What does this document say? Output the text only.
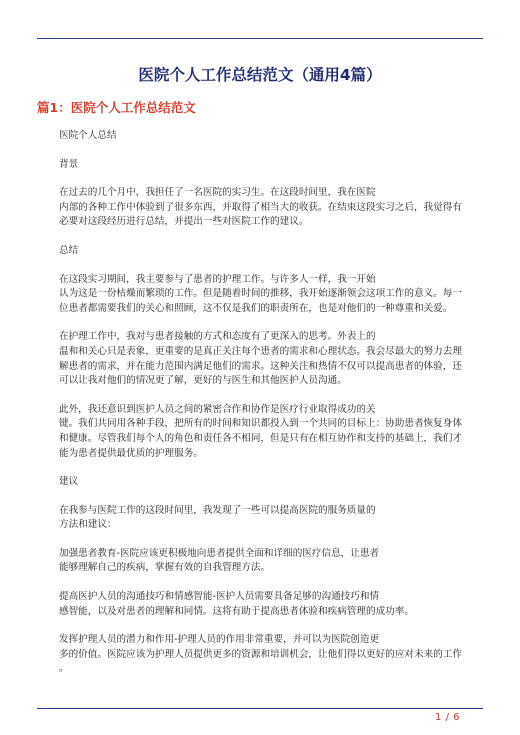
医院个人工作总结范文（通用4篇）
篇1：医院个人工作总结范文

医院个人总结

背景

在过去的几个月中，我担任了一名医院的实习生。在这段时间里，我在医院
内部的各种工作中体验到了很多东西，并取得了相当大的收获。在结束这段实习之后，我觉得有
必要对这段经历进行总结，并提出一些对医院工作的建议。

总结

在这段实习期间，我主要参与了患者的护理工作。与许多人一样，我一开始
认为这是一份枯燥而繁琐的工作。但是随着时间的推移，我开始逐渐领会这项工作的意义。每一
位患者都需要我们的关心和照顾，这不仅是我们的职责所在，也是对他们的一种尊重和关爱。

在护理工作中，我对与患者接触的方式和态度有了更深入的思考。外表上的
温和和关心只是表象，更重要的是真正关注每个患者的需求和心理状态。我会尽最大的努力去理
解患者的需求，并在能力范围内满足他们的需求。这种关注和热情不仅可以提高患者的体验，还
可以让我对他们的情况更了解，更好的与医生和其他医护人员沟通。

此外，我还意识到医护人员之间的紧密合作和协作是医疗行业取得成功的关
键。我们共同用各种手段，把所有的时间和知识都投入到一个共同的目标上：协助患者恢复身体
和健康。尽管我们每个人的角色和责任各不相同，但是只有在相互协作和支持的基础上，我们才
能为患者提供最优质的护理服务。

建议

在我参与医院工作的这段时间里，我发现了一些可以提高医院的服务质量的
方法和建议：

加强患者教育-医院应该更积极地向患者提供全面和详细的医疗信息，让患者
能够理解自己的疾病，掌握有效的自我管理方法。

提高医护人员的沟通技巧和情感智能-医护人员需要具备足够的沟通技巧和情
感智能，以及对患者的理解和同情。这将有助于提高患者体验和疾病管理的成功率。

发挥护理人员的潜力和作用-护理人员的作用非常重要，并可以为医院创造更
多的价值。医院应该为护理人员提供更多的资源和培训机会，让他们得以更好的应对未来的工作
。

1 / 6
